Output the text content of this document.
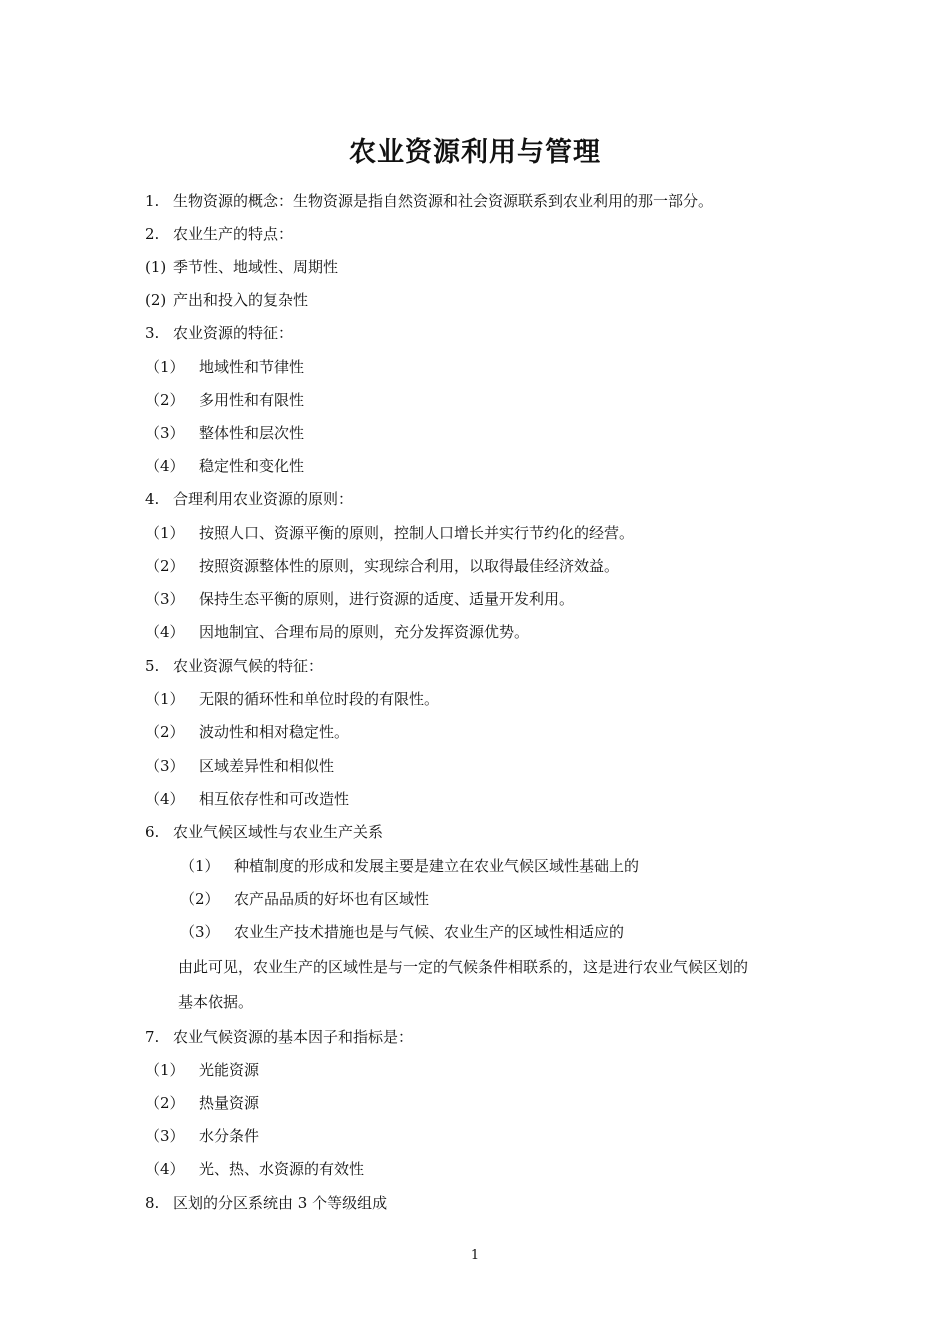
农业资源利用与管理
1. 生物资源的概念：生物资源是指自然资源和社会资源联系到农业利用的那一部分。
2. 农业生产的特点：
(1) 季节性、地域性、周期性
(2) 产出和投入的复杂性
3. 农业资源的特征：
（1） 地域性和节律性
（2） 多用性和有限性
（3） 整体性和层次性
（4） 稳定性和变化性
4. 合理利用农业资源的原则：
（1） 按照人口、资源平衡的原则，控制人口增长并实行节约化的经营。
（2） 按照资源整体性的原则，实现综合利用，以取得最佳经济效益。
（3） 保持生态平衡的原则，进行资源的适度、适量开发利用。
（4） 因地制宜、合理布局的原则，充分发挥资源优势。
5. 农业资源气候的特征：
（1） 无限的循环性和单位时段的有限性。
（2） 波动性和相对稳定性。
（3） 区域差异性和相似性
（4） 相互依存性和可改造性
6. 农业气候区域性与农业生产关系
（1） 种植制度的形成和发展主要是建立在农业气候区域性基础上的
（2） 农产品品质的好坏也有区域性
（3） 农业生产技术措施也是与气候、农业生产的区域性相适应的
由此可见，农业生产的区域性是与一定的气候条件相联系的，这是进行农业气候区划的
基本依据。
7. 农业气候资源的基本因子和指标是：
（1） 光能资源
（2） 热量资源
（3） 水分条件
（4） 光、热、水资源的有效性
8. 区划的分区系统由 3 个等级组成
1
